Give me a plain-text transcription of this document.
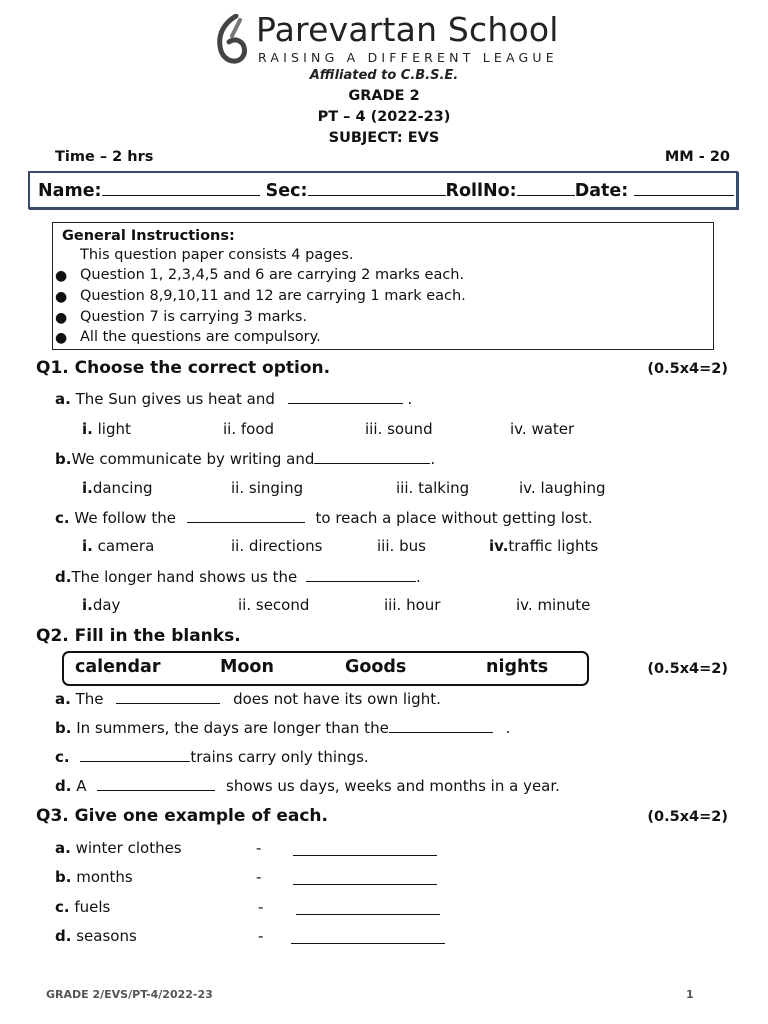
Parevartan School
RAISING A DIFFERENT LEAGUE
Affiliated to C.B.S.E.
GRADE 2
PT – 4 (2022-23)
SUBJECT: EVS
Time – 2 hrs	MM - 20
Name:	Sec:	RollNo:	Date:
General Instructions:
This question paper consists 4 pages.
● Question 1, 2,3,4,5 and 6 are carrying 2 marks each.
● Question 8,9,10,11 and 12 are carrying 1 mark each.
● Question 7 is carrying 3 marks.
● All the questions are compulsory.
Q1. Choose the correct option.	(0.5x4=2)
a. The Sun gives us heat and	.
i. light	ii. food	iii. sound	iv. water
b.We communicate by writing and	.
i.dancing	ii. singing	iii. talking	iv. laughing
c. We follow the	to reach a place without getting lost.
i. camera	ii. directions	iii. bus	iv.traffic lights
d.The longer hand shows us the	.
i.day	ii. second	iii. hour	iv. minute
Q2. Fill in the blanks.
calendar	Moon	Goods	nights	(0.5x4=2)
a. The	does not have its own light.
b. In summers, the days are longer than the	.
c.	trains carry only things.
d. A	shows us days, weeks and months in a year.
Q3. Give one example of each.	(0.5x4=2)
a. winter clothes	-
b. months	-
c. fuels	-
d. seasons	-
GRADE 2/EVS/PT-4/2022-23	1
